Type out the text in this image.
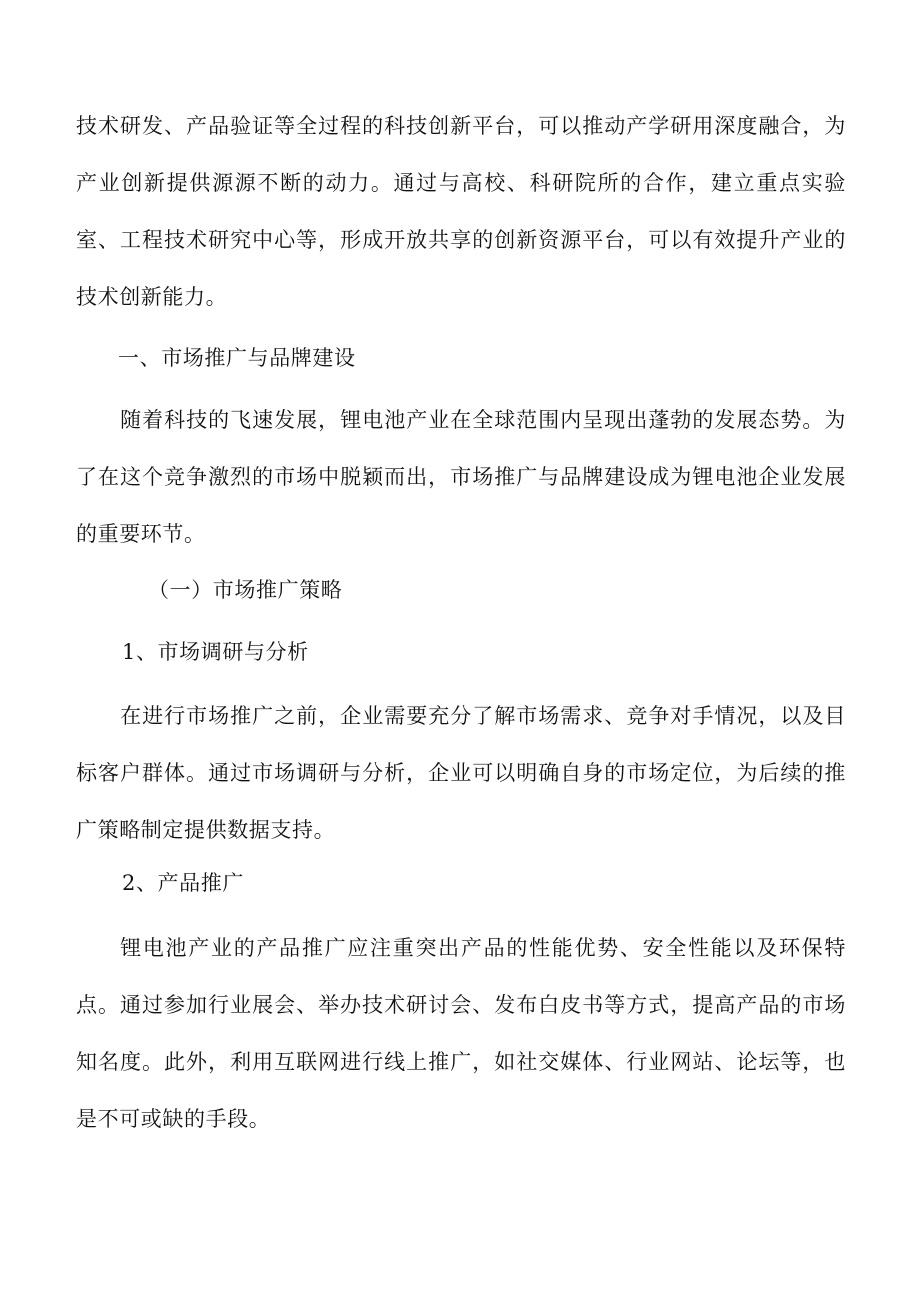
技术研发、产品验证等全过程的科技创新平台，可以推动产学研用深度融合，为产业创新提供源源不断的动力。通过与高校、科研院所的合作，建立重点实验室、工程技术研究中心等，形成开放共享的创新资源平台，可以有效提升产业的技术创新能力。

一、市场推广与品牌建设

随着科技的飞速发展，锂电池产业在全球范围内呈现出蓬勃的发展态势。为了在这个竞争激烈的市场中脱颖而出，市场推广与品牌建设成为锂电池企业发展的重要环节。

（一）市场推广策略

1、市场调研与分析

在进行市场推广之前，企业需要充分了解市场需求、竞争对手情况，以及目标客户群体。通过市场调研与分析，企业可以明确自身的市场定位，为后续的推广策略制定提供数据支持。

2、产品推广

锂电池产业的产品推广应注重突出产品的性能优势、安全性能以及环保特点。通过参加行业展会、举办技术研讨会、发布白皮书等方式，提高产品的市场知名度。此外，利用互联网进行线上推广，如社交媒体、行业网站、论坛等，也是不可或缺的手段。
